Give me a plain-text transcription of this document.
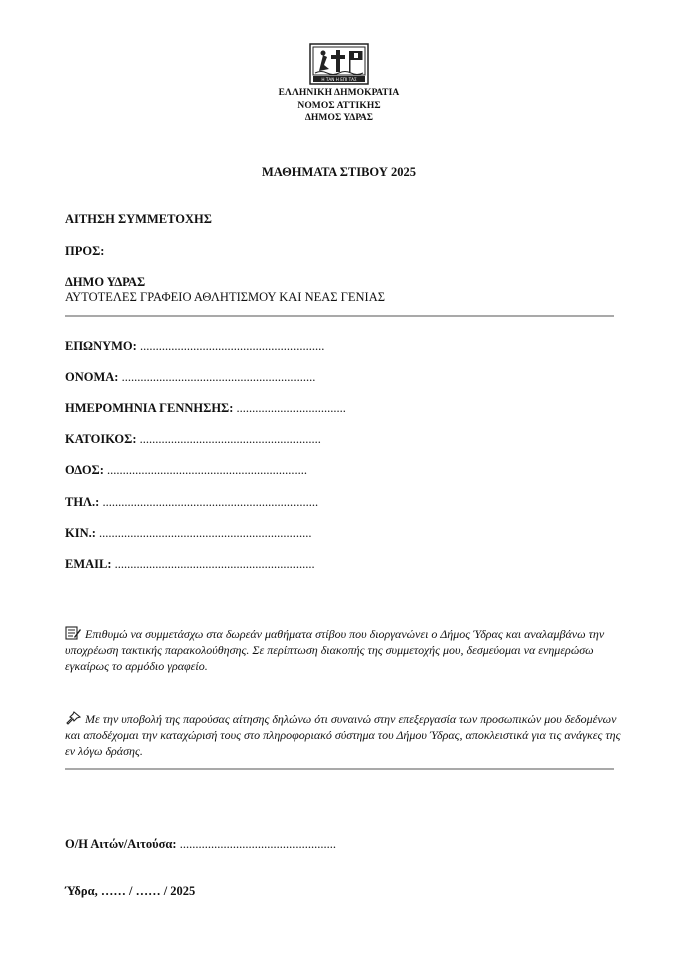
Η ΤΑΝ Η ΕΠΙ ΤΑΣ
ΕΛΛΗΝΙΚΗ ΔΗΜΟΚΡΑΤΙΑ
ΝΟΜΟΣ ΑΤΤΙΚΗΣ
ΔΗΜΟΣ ΥΔΡΑΣ
ΜΑΘΗΜΑΤΑ ΣΤΙΒΟΥ 2025
ΑΙΤΗΣΗ ΣΥΜΜΕΤΟΧΗΣ
ΠΡΟΣ:
ΔΗΜΟ ΥΔΡΑΣ
ΑΥΤΟΤΕΛΕΣ ΓΡΑΦΕΙΟ ΑΘΛΗΤΙΣΜΟΥ ΚΑΙ ΝΕΑΣ ΓΕΝΙΑΣ
ΕΠΩΝΥΜΟ: ...........................................................
ΟΝΟΜΑ: ..............................................................
ΗΜΕΡΟΜΗΝΙΑ ΓΕΝΝΗΣΗΣ: ...................................
ΚΑΤΟΙΚΟΣ: ..........................................................
ΟΔΟΣ: ................................................................
ΤΗΛ.: .....................................................................
ΚΙΝ.: ....................................................................
EMAIL: ................................................................
Επιθυμώ να συμμετάσχω στα δωρεάν μαθήματα στίβου που διοργανώνει ο Δήμος Ύδρας και αναλαμβάνω την υποχρέωση τακτικής παρακολούθησης. Σε περίπτωση διακοπής της συμμετοχής μου, δεσμεύομαι να ενημερώσω εγκαίρως το αρμόδιο γραφείο.
Με την υποβολή της παρούσας αίτησης δηλώνω ότι συναινώ στην επεξεργασία των προσωπικών μου δεδομένων και αποδέχομαι την καταχώρισή τους στο πληροφοριακό σύστημα του Δήμου Ύδρας, αποκλειστικά για τις ανάγκες της εν λόγω δράσης.
Ο/Η Αιτών/Αιτούσα: ..................................................
Ύδρα, …… / …… / 2025
